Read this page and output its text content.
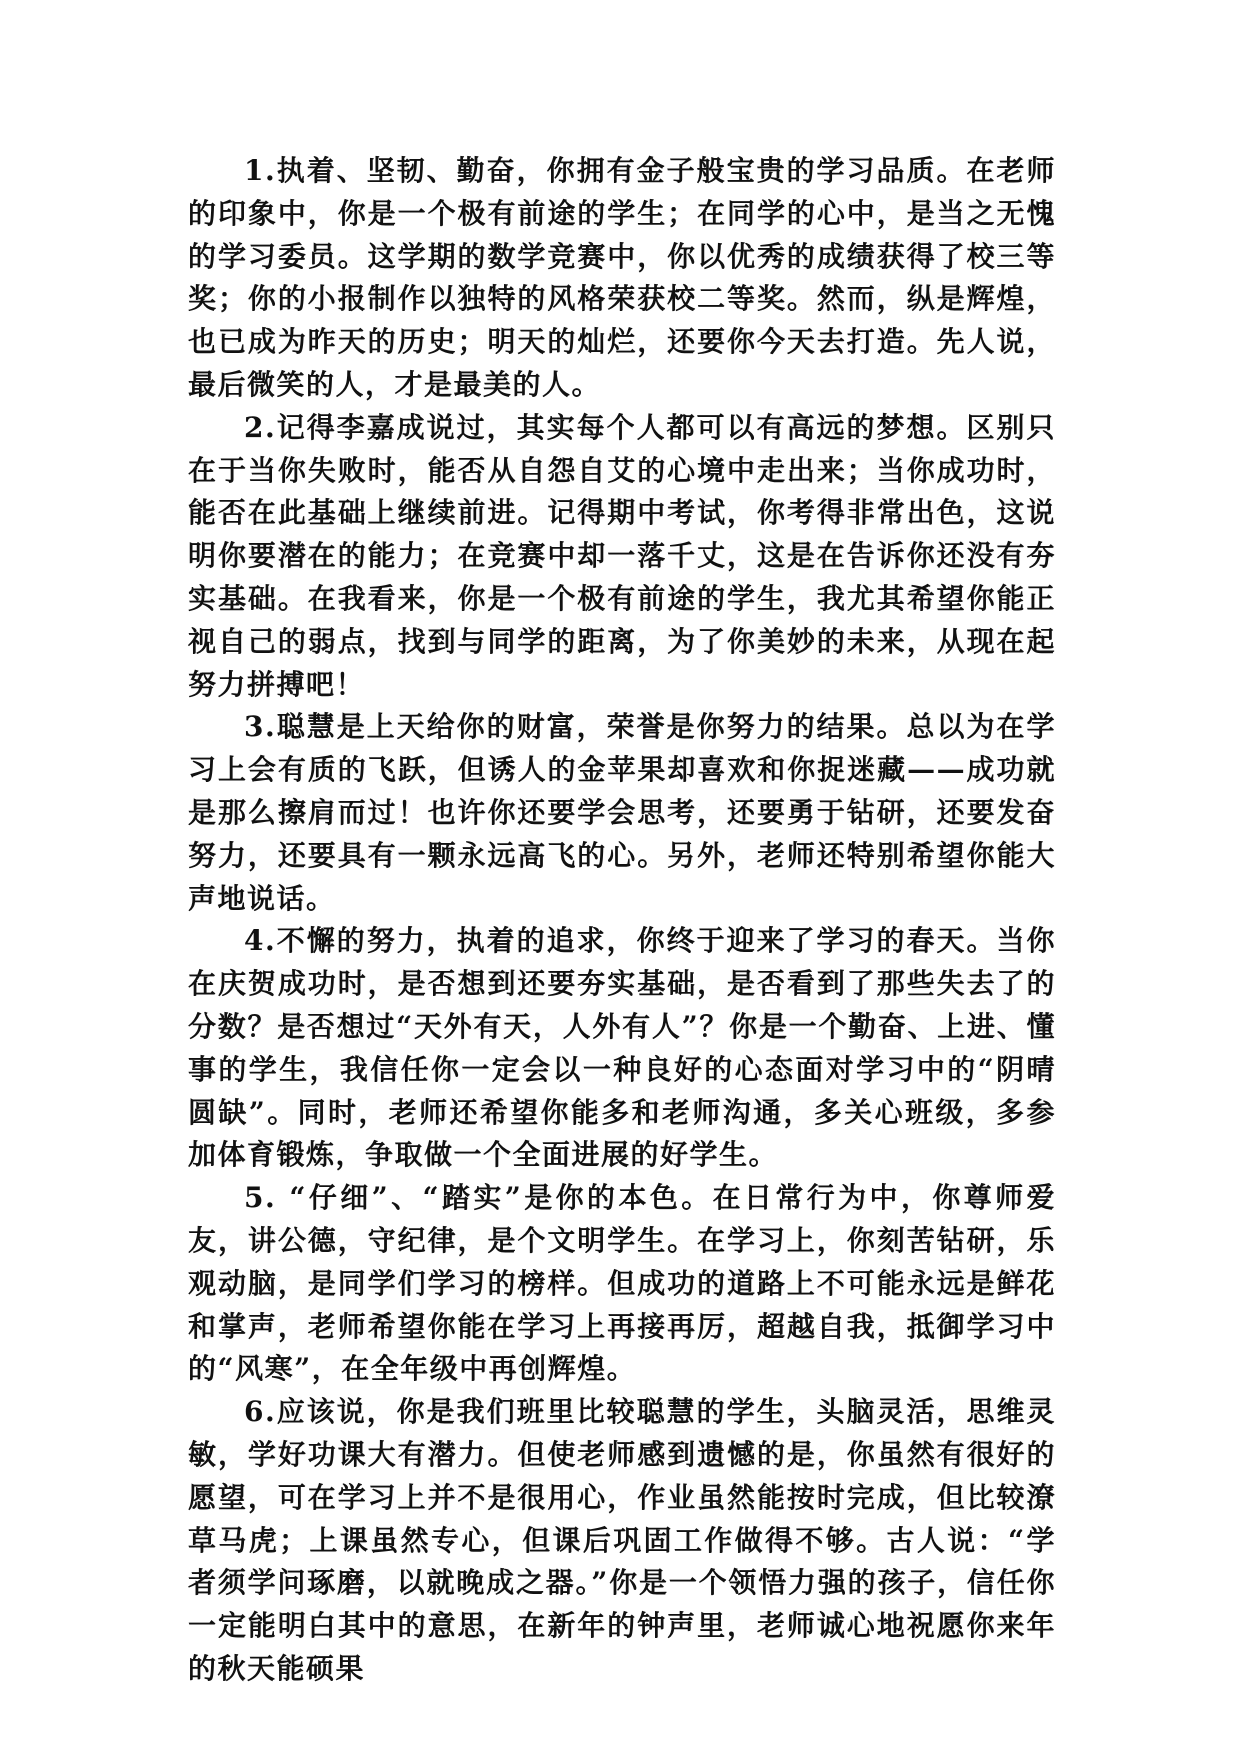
1.执着、坚韧、勤奋，你拥有金子般宝贵的学习品质。在老师的印象中，你是一个极有前途的学生；在同学的心中，是当之无愧的学习委员。这学期的数学竞赛中，你以优秀的成绩获得了校三等奖；你的小报制作以独特的风格荣获校二等奖。然而，纵是辉煌，也已成为昨天的历史；明天的灿烂，还要你今天去打造。先人说，最后微笑的人，才是最美的人。

2.记得李嘉成说过，其实每个人都可以有高远的梦想。区别只在于当你失败时，能否从自怨自艾的心境中走出来；当你成功时，能否在此基础上继续前进。记得期中考试，你考得非常出色，这说明你要潜在的能力；在竞赛中却一落千丈，这是在告诉你还没有夯实基础。在我看来，你是一个极有前途的学生，我尤其希望你能正视自己的弱点，找到与同学的距离，为了你美妙的未来，从现在起努力拼搏吧！

3.聪慧是上天给你的财富，荣誉是你努力的结果。总以为在学习上会有质的飞跃，但诱人的金苹果却喜欢和你捉迷藏——成功就是那么擦肩而过！也许你还要学会思考，还要勇于钻研，还要发奋努力，还要具有一颗永远高飞的心。另外，老师还特别希望你能大声地说话。

4.不懈的努力，执着的追求，你终于迎来了学习的春天。当你在庆贺成功时，是否想到还要夯实基础，是否看到了那些失去了的分数？是否想过“天外有天，人外有人”？你是一个勤奋、上进、懂事的学生，我信任你一定会以一种良好的心态面对学习中的“阴晴圆缺”。同时，老师还希望你能多和老师沟通，多关心班级，多参加体育锻炼，争取做一个全面进展的好学生。

5. “仔细”、“踏实”是你的本色。在日常行为中，你尊师爱友，讲公德，守纪律，是个文明学生。在学习上，你刻苦钻研，乐观动脑，是同学们学习的榜样。但成功的道路上不可能永远是鲜花和掌声，老师希望你能在学习上再接再厉，超越自我，抵御学习中的“风寒”，在全年级中再创辉煌。

6.应该说，你是我们班里比较聪慧的学生，头脑灵活，思维灵敏，学好功课大有潜力。但使老师感到遗憾的是，你虽然有很好的愿望，可在学习上并不是很用心，作业虽然能按时完成，但比较潦草马虎；上课虽然专心，但课后巩固工作做得不够。古人说：“学者须学问琢磨，以就晚成之器。”你是一个领悟力强的孩子，信任你一定能明白其中的意思，在新年的钟声里，老师诚心地祝愿你来年的秋天能硕果
